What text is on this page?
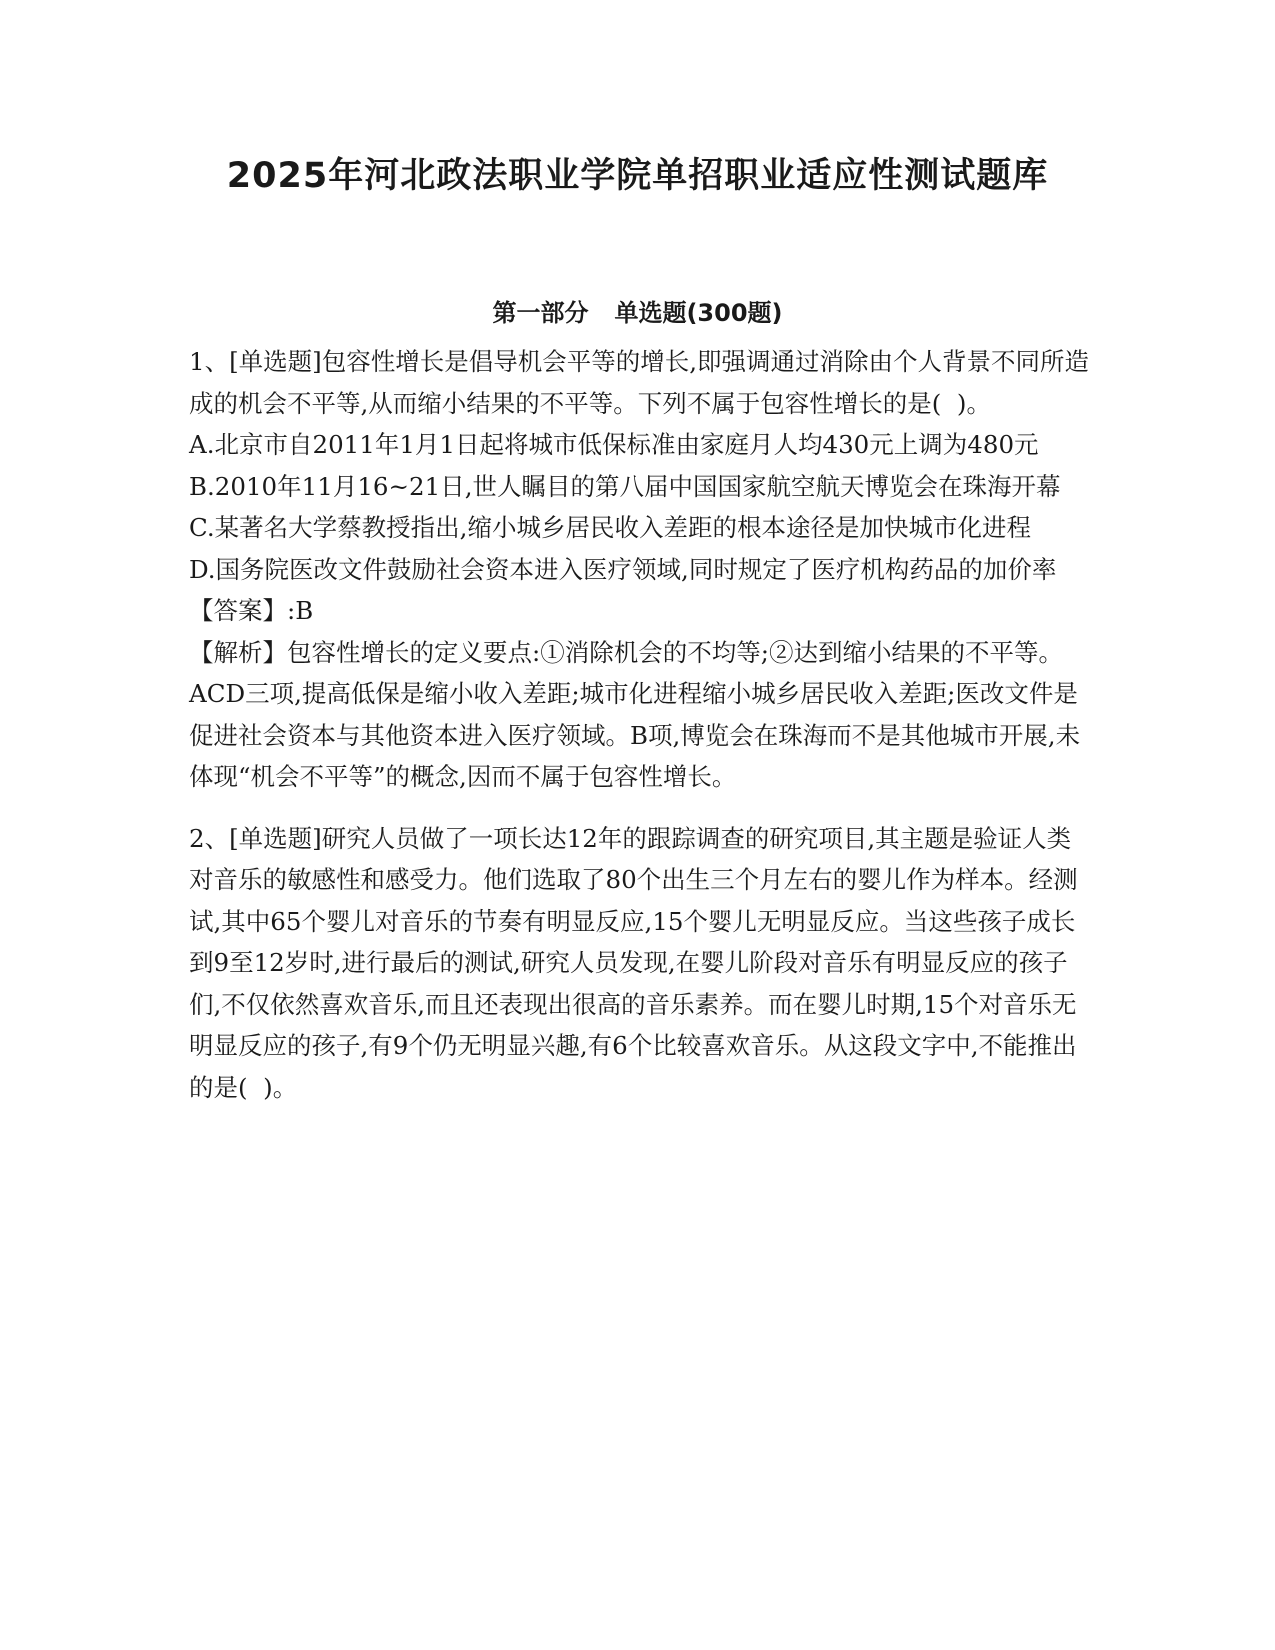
2025年河北政法职业学院单招职业适应性测试题库
第一部分 单选题(300题)

1、[单选题]包容性增长是倡导机会平等的增长,即强调通过消除由个人背景不同所造成的机会不平等,从而缩小结果的不平等。下列不属于包容性增长的是(  )。

A.北京市自2011年1月1日起将城市低保标准由家庭月人均430元上调为480元

B.2010年11月16~21日,世人瞩目的第八届中国国家航空航天博览会在珠海开幕

C.某著名大学蔡教授指出,缩小城乡居民收入差距的根本途径是加快城市化进程

D.国务院医改文件鼓励社会资本进入医疗领域,同时规定了医疗机构药品的加价率

【答案】:B

【解析】包容性增长的定义要点:①消除机会的不均等;②达到缩小结果的不平等。ACD三项,提高低保是缩小收入差距;城市化进程缩小城乡居民收入差距;医改文件是促进社会资本与其他资本进入医疗领域。B项,博览会在珠海而不是其他城市开展,未体现“机会不平等”的概念,因而不属于包容性增长。

2、[单选题]研究人员做了一项长达12年的跟踪调查的研究项目,其主题是验证人类对音乐的敏感性和感受力。他们选取了80个出生三个月左右的婴儿作为样本。经测试,其中65个婴儿对音乐的节奏有明显反应,15个婴儿无明显反应。当这些孩子成长到9至12岁时,进行最后的测试,研究人员发现,在婴儿阶段对音乐有明显反应的孩子们,不仅依然喜欢音乐,而且还表现出很高的音乐素养。而在婴儿时期,15个对音乐无明显反应的孩子,有9个仍无明显兴趣,有6个比较喜欢音乐。从这段文字中,不能推出的是(  )。
